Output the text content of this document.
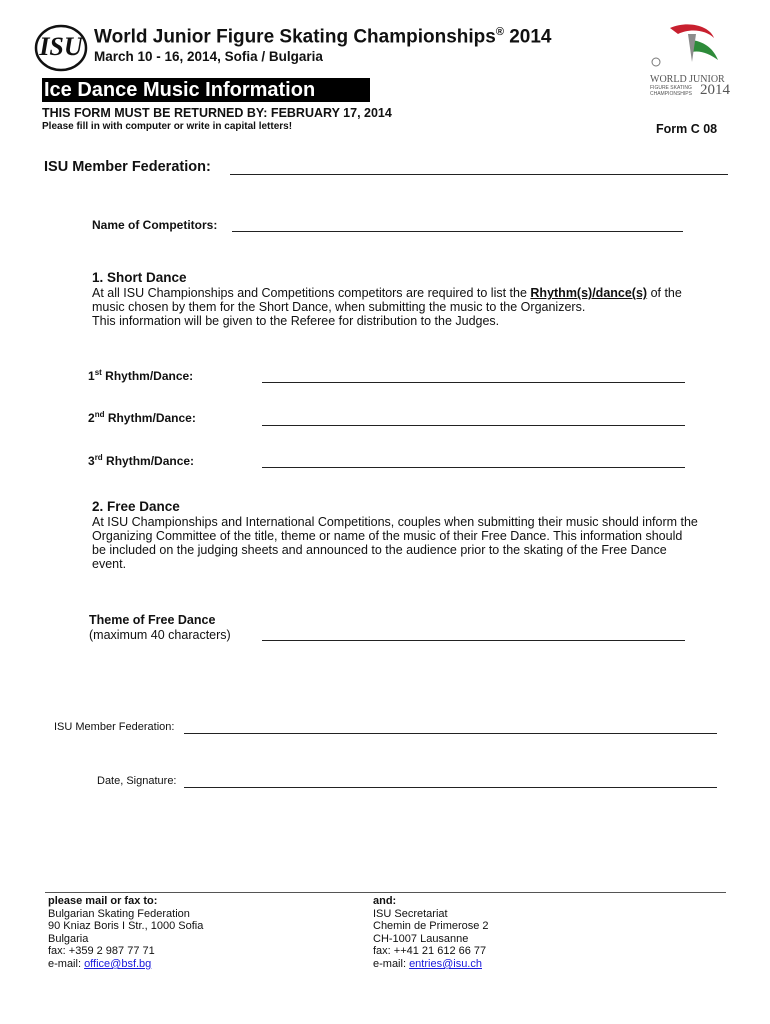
ISU World Junior Figure Skating Championships® 2014
March 10 - 16, 2014, Sofia / Bulgaria
WORLD JUNIOR
FIGURE SKATING
CHAMPIONSHIPS 2014
Ice Dance Music Information
THIS FORM MUST BE RETURNED BY: FEBRUARY 17, 2014
Please fill in with computer or write in capital letters!	Form C 08
ISU Member Federation:
Name of Competitors:
1. Short Dance
At all ISU Championships and Competitions competitors are required to list the Rhythm(s)/dance(s) of the
music chosen by them for the Short Dance, when submitting the music to the Organizers.
This information will be given to the Referee for distribution to the Judges.
1st Rhythm/Dance:
2nd Rhythm/Dance:
3rd Rhythm/Dance:
2. Free Dance
At ISU Championships and International Competitions, couples when submitting their music should inform the
Organizing Committee of the title, theme or name of the music of their Free Dance. This information should
be included on the judging sheets and announced to the audience prior to the skating of the Free Dance
event.
Theme of Free Dance
(maximum 40 characters)
ISU Member Federation:
Date, Signature:
please mail or fax to:
Bulgarian Skating Federation
90 Kniaz Boris I Str., 1000 Sofia
Bulgaria
fax: +359 2 987 77 71
e-mail: office@bsf.bg
and:
ISU Secretariat
Chemin de Primerose 2
CH-1007 Lausanne
fax: ++41 21 612 66 77
e-mail: entries@isu.ch
